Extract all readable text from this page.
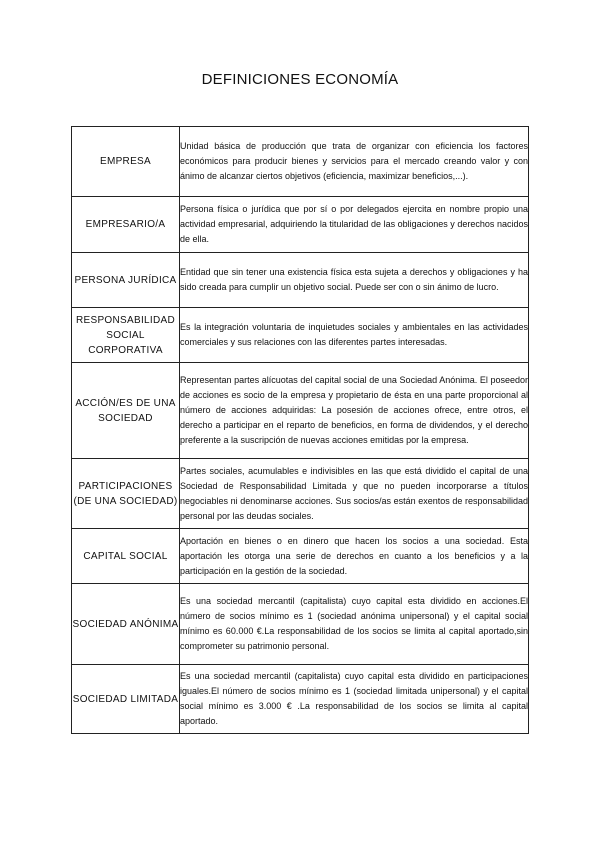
DEFINICIONES ECONOMÍA
EMPRESA	Unidad básica de producción que trata de organizar con eficiencia los factores económicos para producir bienes y servicios para el mercado creando valor y con ánimo de alcanzar ciertos objetivos (eficiencia, maximizar beneficios,...).
EMPRESARIO/A	Persona física o jurídica que por sí o por delegados ejercita en nombre propio una actividad empresarial, adquiriendo la titularidad de las obligaciones y derechos nacidos de ella.
PERSONA JURÍDICA	Entidad que sin tener una existencia física esta sujeta a derechos y obligaciones y ha sido creada para cumplir un objetivo social. Puede ser con o sin ánimo de lucro.
RESPONSABILIDAD SOCIAL CORPORATIVA	Es la integración voluntaria de inquietudes sociales y ambientales en las actividades comerciales y sus relaciones con las diferentes partes interesadas.
ACCIÓN/ES DE UNA SOCIEDAD	Representan partes alícuotas del capital social de una Sociedad Anónima. El poseedor de acciones es socio de la empresa y propietario de ésta en una parte proporcional al número de acciones adquiridas: La posesión de acciones ofrece, entre otros, el derecho a participar en el reparto de beneficios, en forma de dividendos, y el derecho preferente a la suscripción de nuevas acciones emitidas por la empresa.
PARTICIPACIONES (DE UNA SOCIEDAD)	Partes sociales, acumulables e indivisibles en las que está dividido el capital de una Sociedad de Responsabilidad Limitada y que no pueden incorporarse a títulos negociables ni denominarse acciones. Sus socios/as están exentos de responsabilidad personal por las deudas sociales.
CAPITAL SOCIAL	Aportación en bienes o en dinero que hacen los socios a una sociedad. Esta aportación les otorga una serie de derechos en cuanto a los beneficios y a la participación en la gestión de la sociedad.
SOCIEDAD ANÓNIMA	Es una sociedad mercantil (capitalista) cuyo capital esta dividido en acciones.El número de socios mínimo es 1 (sociedad anónima unipersonal) y el capital social mínimo es 60.000 €.La responsabilidad de los socios se limita al capital aportado,sin comprometer su patrimonio personal.
SOCIEDAD LIMITADA	Es una sociedad mercantil (capitalista) cuyo capital esta dividido en participaciones iguales.El número de socios mínimo es 1 (sociedad limitada unipersonal) y el capital social mínimo es 3.000 € .La responsabilidad de los socios se limita al capital aportado.
